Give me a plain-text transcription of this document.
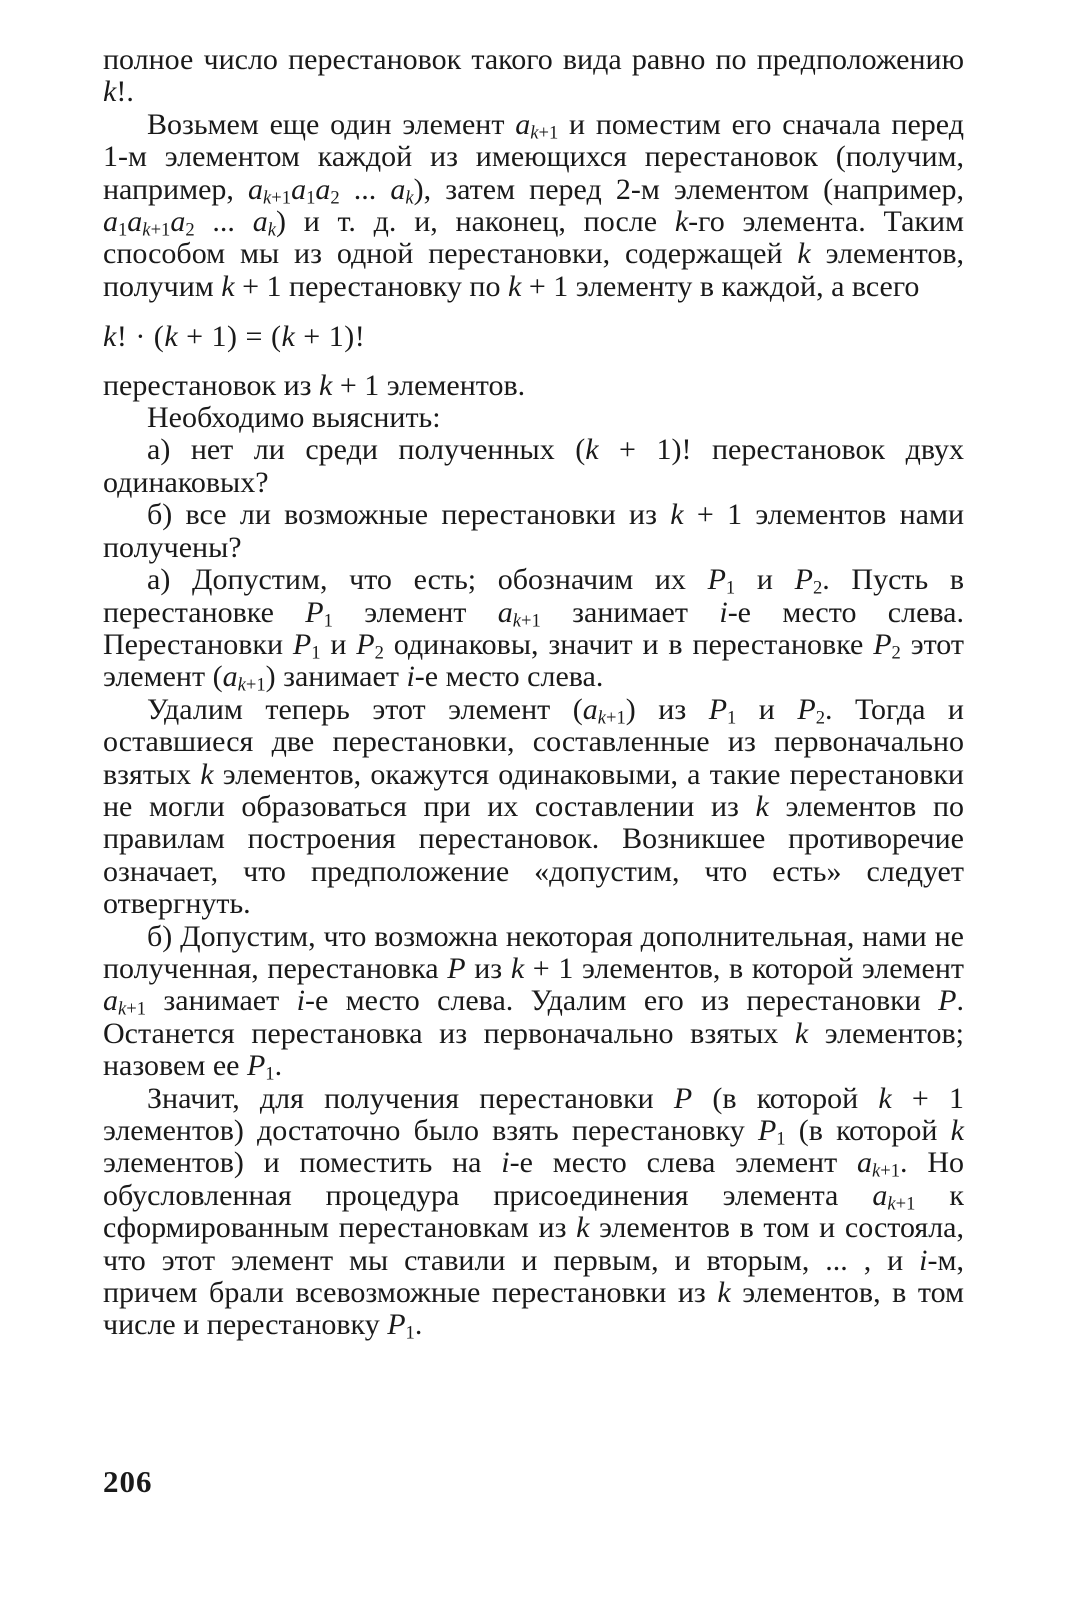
полное число перестановок такого вида равно по предположению k!.

Возьмем еще один элемент $a_{k+1}$ и поместим его сначала перед 1-м элементом каждой из имеющихся перестановок (получим, например, $a_{k+1}a_1a_2$ ... $a_k$), затем перед 2-м элементом (например, $a_1a_{k+1}a_2$ ... $a_k$) и т. д. и, наконец, после k-го элемента. Таким способом мы из одной перестановки, содержащей k элементов, получим k + 1 перестановку по k + 1 элементу в каждой, а всего

k! · (k + 1) = (k + 1)!

перестановок из k + 1 элементов.

Необходимо выяснить:

а) нет ли среди полученных (k + 1)! перестановок двух одинаковых?

б) все ли возможные перестановки из k + 1 элементов нами получены?

а) Допустим, что есть; обозначим их $P_1$ и $P_2$. Пусть в перестановке $P_1$ элемент $a_{k+1}$ занимает i-е место слева. Перестановки $P_1$ и $P_2$ одинаковы, значит и в перестановке $P_2$ этот элемент $(a_{k+1})$ занимает i-е место слева.

Удалим теперь этот элемент $(a_{k+1})$ из $P_1$ и $P_2$. Тогда и оставшиеся две перестановки, составленные из первоначально взятых k элементов, окажутся одинаковыми, а такие перестановки не могли образоваться при их составлении из k элементов по правилам построения перестановок. Возникшее противоречие означает, что предположение «допустим, что есть» следует отвергнуть.

б) Допустим, что возможна некоторая дополнительная, нами не полученная, перестановка P из k + 1 элементов, в которой элемент $a_{k+1}$ занимает i-е место слева. Удалим его из перестановки P. Останется перестановка из первоначально взятых k элементов; назовем ее $P_1$.

Значит, для получения перестановки P (в которой k + 1 элементов) достаточно было взять перестановку $P_1$ (в которой k элементов) и поместить на i-е место слева элемент $a_{k+1}$. Но обусловленная процедура присоединения элемента $a_{k+1}$ к сформированным перестановкам из k элементов в том и состояла, что этот элемент мы ставили и первым, и вторым, ... , и i-м, причем брали всевозможные перестановки из k элементов, в том числе и перестановку $P_1$.

206
